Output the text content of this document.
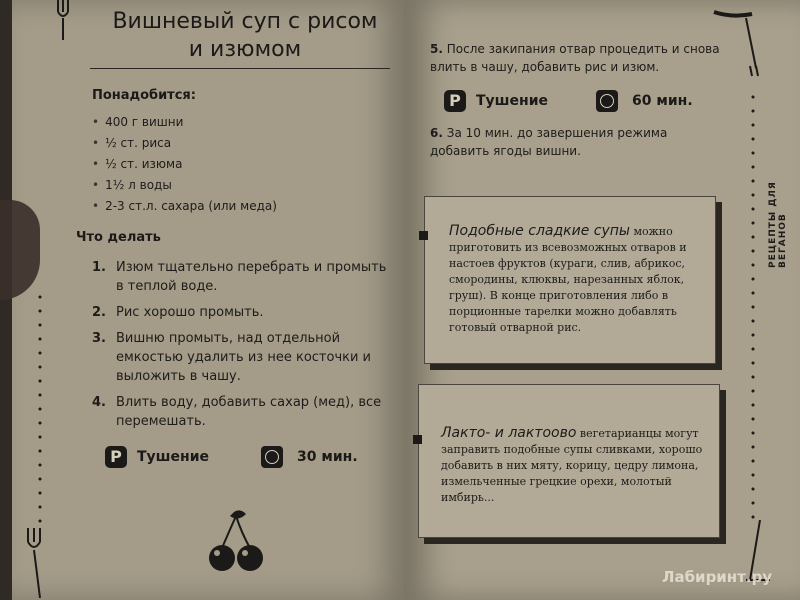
Вишневый суп с рисом
и изюмом
Понадобится:
• 400 г вишни
• ½ ст. риса
• ½ ст. изюма
• 1½ л воды
• 2-3 ст.л. сахара (или меда)
Что делать
1. Изюм тщательно перебрать и промыть в теплой воде.
2. Рис хорошо промыть.
3. Вишню промыть, над отдельной емкостью удалить из нее косточки и выложить в чашу.
4. Влить воду, добавить сахар (мед), все перемешать.
P	Тушение	30 мин.
5. После закипания отвар процедить и снова влить в чашу, добавить рис и изюм.
P	Тушение	60 мин.
6. За 10 мин. до завершения режима добавить ягоды вишни.
Подобные сладкие супы можно приготовить из всевозможных отваров и настоев фруктов (кураги, слив, абрикос, смородины, клюквы, нарезанных яблок, груш). В конце приготовления либо в порционные тарелки можно добавлять готовый отварной рис.
Лакто- и лактоово вегетарианцы могут заправить подобные супы сливками, хорошо добавить в них мяту, корицу, цедру лимона, измельченные грецкие орехи, молотый имбирь...
РЕЦЕПТЫ ДЛЯ ВЕГАНОВ
Лабиринт.ру
